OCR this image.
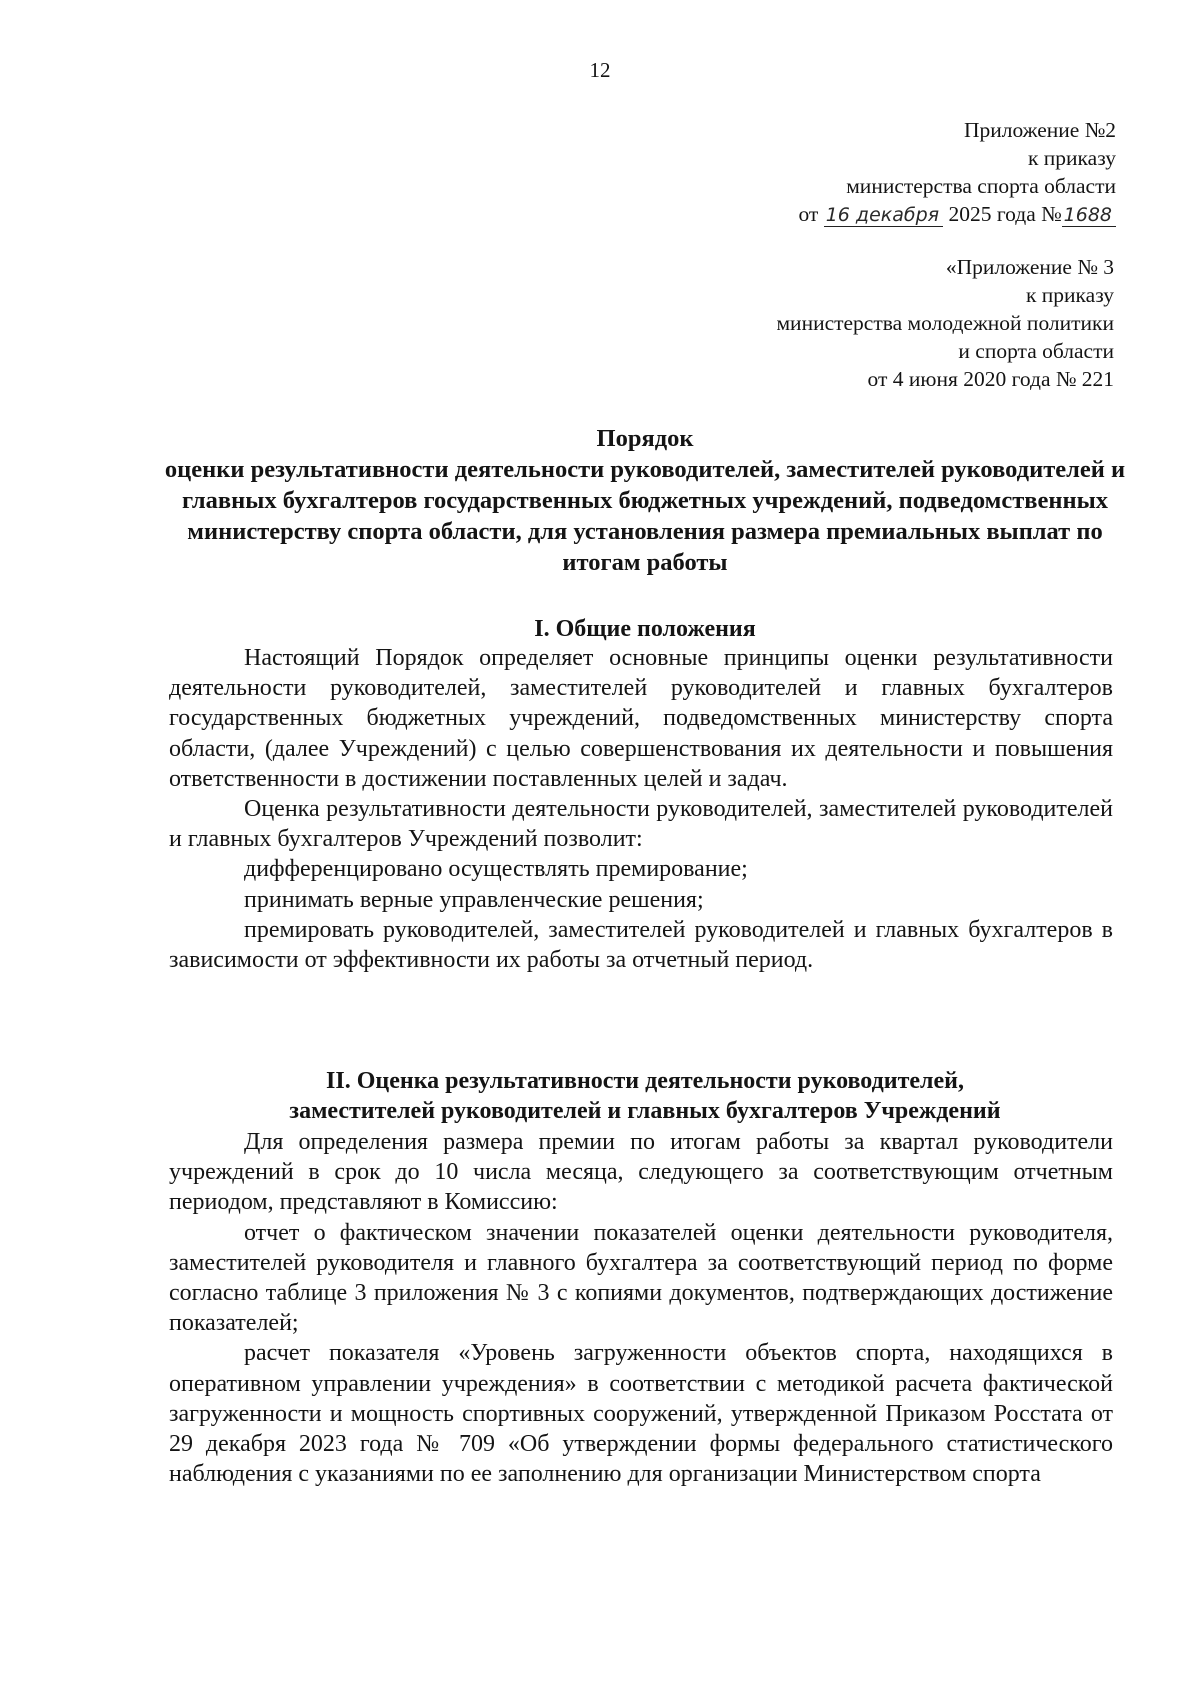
12
Приложение №2
к приказу
министерства спорта области
от 16 декабря 2025 года № 1688
«Приложение № 3
к приказу
министерства молодежной политики
и спорта области
от 4 июня 2020 года № 221
Порядок
оценки результативности деятельности руководителей, заместителей руководителей и главных бухгалтеров государственных бюджетных учреждений, подведомственных министерству спорта области, для установления размера премиальных выплат по итогам работы
I. Общие положения

Настоящий Порядок определяет основные принципы оценки результативности деятельности руководителей, заместителей руководителей и главных бухгалтеров государственных бюджетных учреждений, подведомственных министерству спорта области, (далее Учреждений) с целью совершенствования их деятельности и повышения ответственности в достижении поставленных целей и задач.

Оценка результативности деятельности руководителей, заместителей руководителей и главных бухгалтеров Учреждений позволит:

дифференцировано осуществлять премирование;

принимать верные управленческие решения;

премировать руководителей, заместителей руководителей и главных бухгалтеров в зависимости от эффективности их работы за отчетный период.

II. Оценка результативности деятельности руководителей,
заместителей руководителей и главных бухгалтеров Учреждений

Для определения размера премии по итогам работы за квартал руководители учреждений в срок до 10 числа месяца, следующего за соответствующим отчетным периодом, представляют в Комиссию:

отчет о фактическом значении показателей оценки деятельности руководителя, заместителей руководителя и главного бухгалтера за соответствующий период по форме согласно таблице 3 приложения № 3 с копиями документов, подтверждающих достижение показателей;

расчет показателя «Уровень загруженности объектов спорта, находящихся в оперативном управлении учреждения» в соответствии с методикой расчета фактической загруженности и мощность спортивных сооружений, утвержденной Приказом Росстата от 29 декабря 2023 года № 709 «Об утверждении формы федерального статистического наблюдения с указаниями по ее заполнению для организации Министерством спорта
